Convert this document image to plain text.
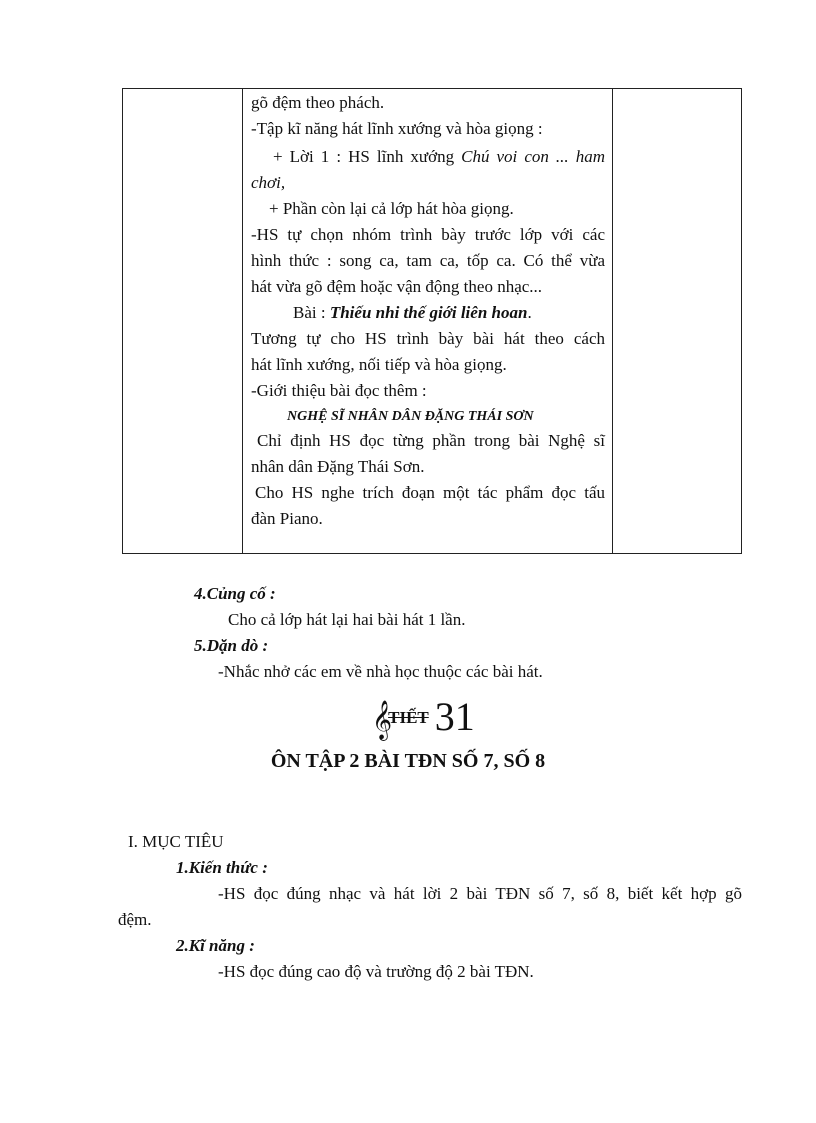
gõ đệm theo phách.
-Tập kĩ năng hát lĩnh xướng và hòa giọng :
+ Lời 1 : HS lĩnh xướng Chú voi con ... ham
chơi,
+ Phần còn lại cả lớp hát hòa giọng.
-HS tự chọn nhóm trình bày trước lớp với các
hình thức : song ca, tam ca, tốp ca. Có thể vừa
hát vừa gõ đệm hoặc vận động theo nhạc...
Bài : Thiếu nhi thế giới liên hoan.
Tương tự cho HS trình bày bài hát theo cách
hát lĩnh xướng, nối tiếp và hòa giọng.
-Giới thiệu bài đọc thêm :
NGHỆ SĨ NHÂN DÂN ĐẶNG THÁI SƠN
Chỉ định HS đọc từng phần trong bài Nghệ sĩ
nhân dân Đặng Thái Sơn.
Cho HS nghe trích đoạn một tác phẩm đọc tấu
đàn Piano.
4.Củng cố :
Cho cả lớp hát lại hai bài hát 1 lần.
5.Dặn dò :
-Nhắc nhở các em về nhà học thuộc các bài hát.
𝄞
TIẾT 31
ÔN TẬP 2 BÀI TĐN SỐ 7, SỐ 8
I. MỤC TIÊU
1.Kiến thức :
-HS đọc đúng nhạc và hát lời 2 bài TĐN số 7, số 8, biết kết hợp gõ
đệm.
2.Kĩ năng :
-HS đọc đúng cao độ và trường độ 2 bài TĐN.
